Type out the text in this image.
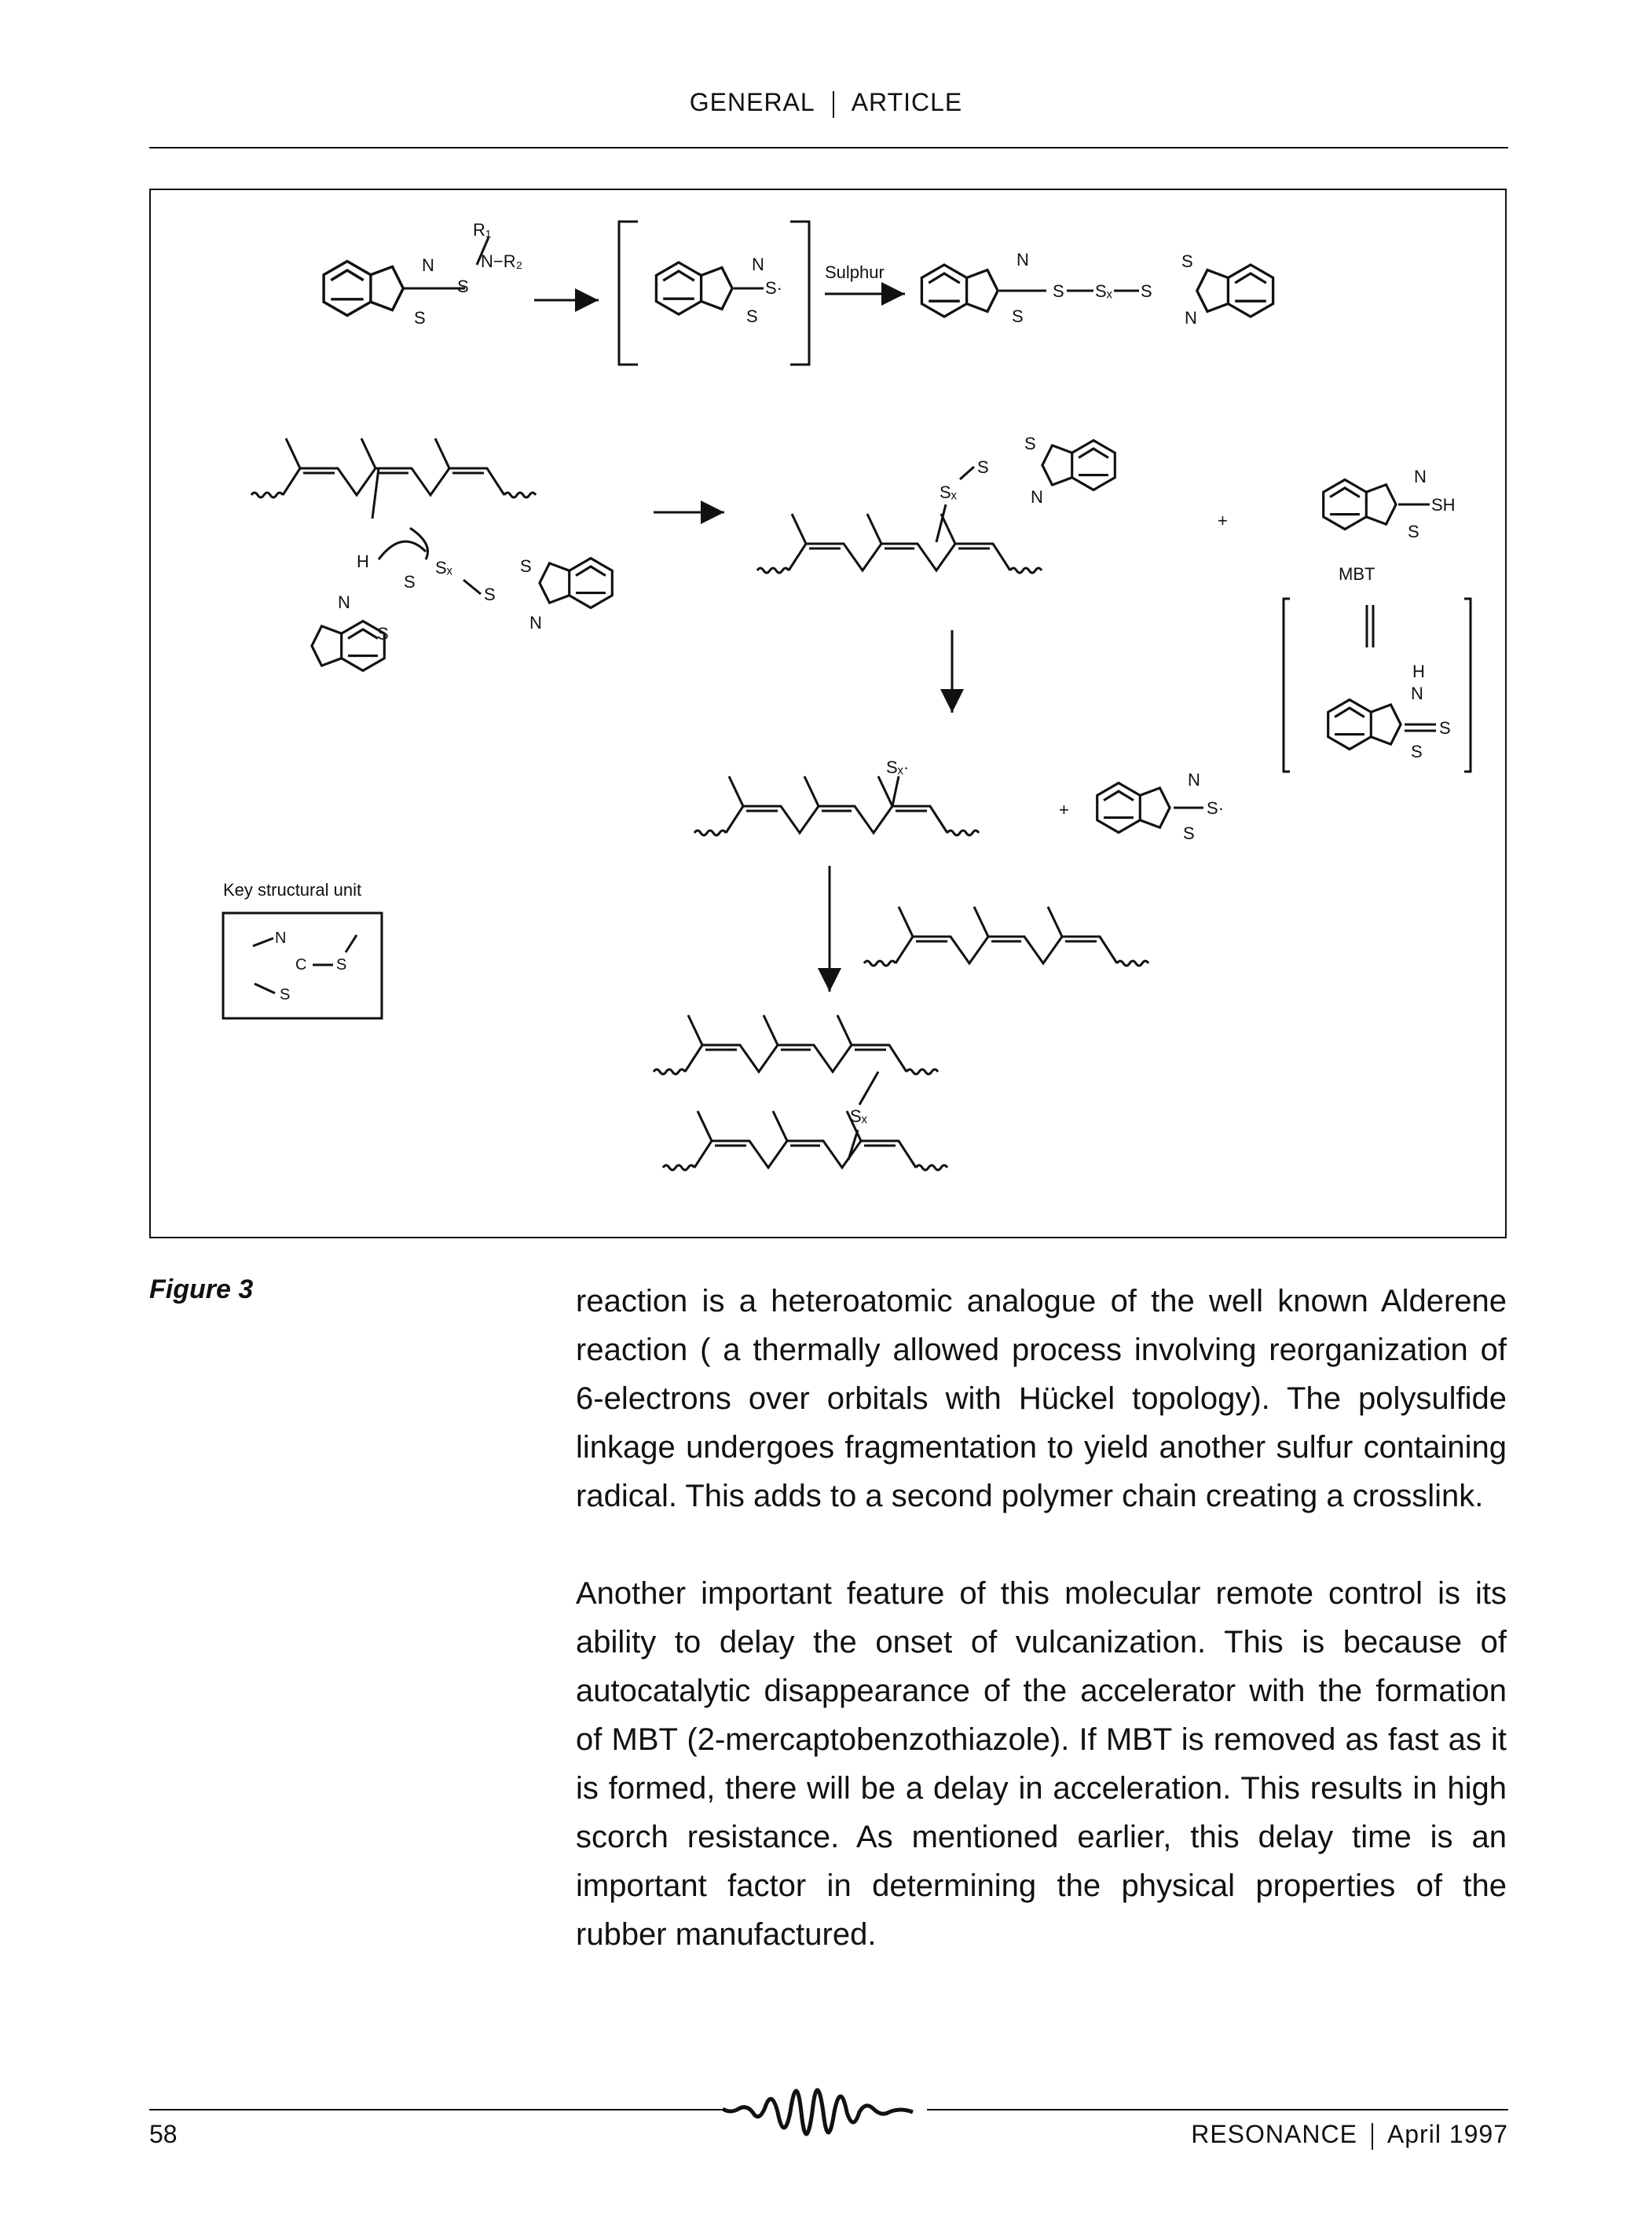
GENERAL ARTICLE
N
S
S
R₁
N−R₂	N
S
S·
Sulphur
N
S
S Sₓ S
S
N
H
S
Sₓ
S
N
S
S
N
Sₓ
S
S
N
+
N
S
SH
MBT
H
N
S
S
Sₓ·
+
N
S
S·
Key structural unit
N
C S
S
Sₓ
Figure 3	reaction is a heteroatomic analogue of the well known Alderene reaction ( a thermally allowed process involving reorganization of 6-electrons over orbitals with Hückel topology). The polysulfide linkage undergoes fragmentation to yield another sulfur containing radical. This adds to a second polymer chain creating a crosslink.

Another important feature of this molecular remote control is its ability to delay the onset of vulcanization. This is because of autocatalytic disappearance of the accelerator with the formation of MBT (2-mercaptobenzothiazole). If MBT is removed as fast as it is formed, there will be a delay in acceleration. This results in high scorch resistance. As mentioned earlier, this delay time is an important factor in determining the physical properties of the rubber manufactured.

58	RESONANCE April 1997
